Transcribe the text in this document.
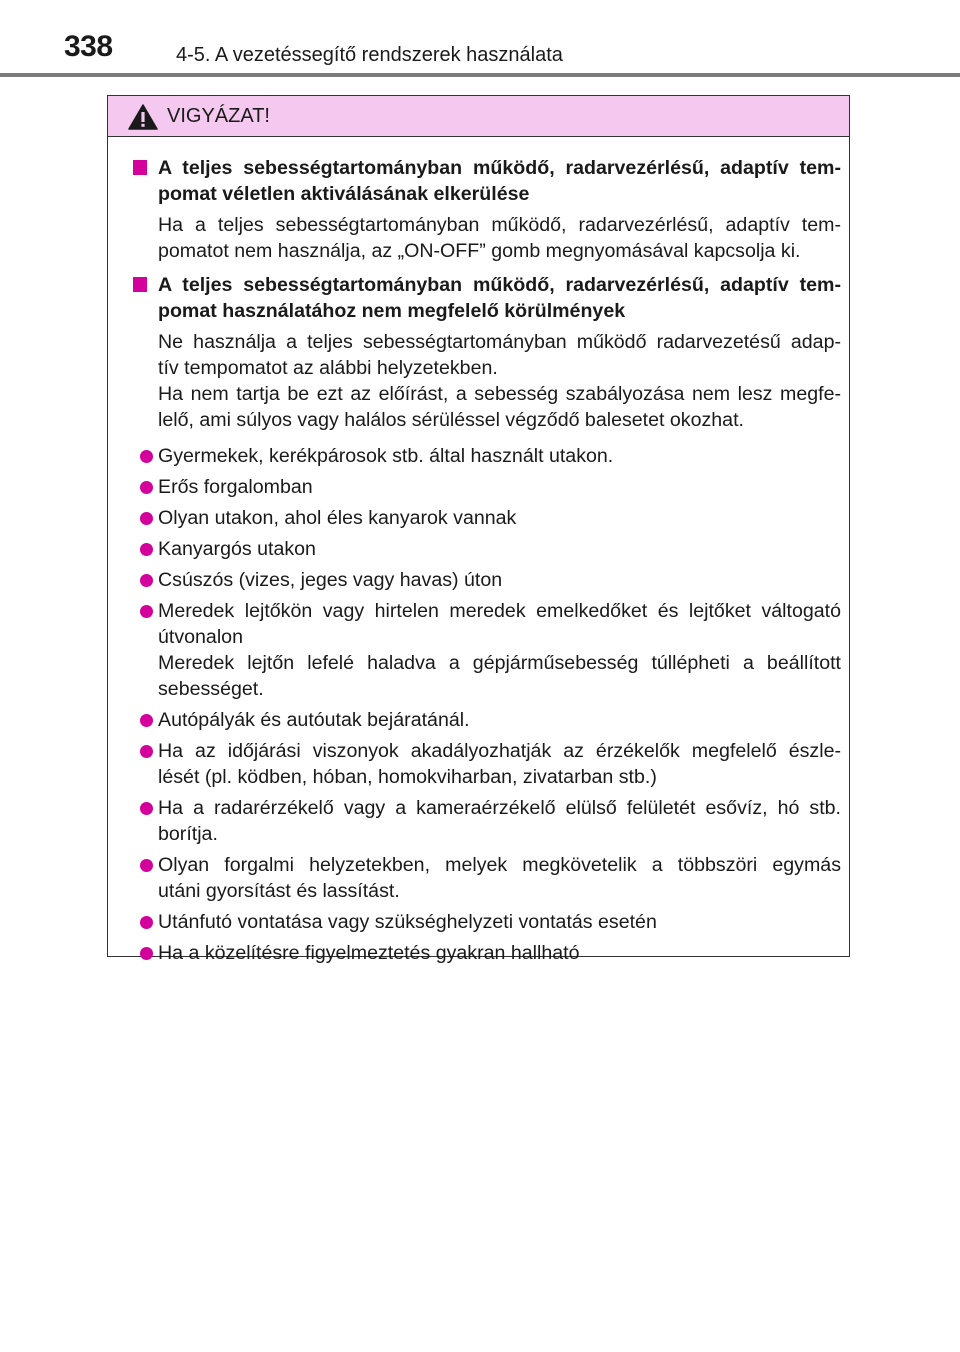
338	4-5. A vezetéssegítő rendszerek használata
VIGYÁZAT!
A teljes sebességtartományban működő, radarvezérlésű, adaptív tem-
pomat véletlen aktiválásának elkerülése
Ha a teljes sebességtartományban működő, radarvezérlésű, adaptív tem-
pomatot nem használja, az „ON-OFF” gomb megnyomásával kapcsolja ki.
A teljes sebességtartományban működő, radarvezérlésű, adaptív tem-
pomat használatához nem megfelelő körülmények
Ne használja a teljes sebességtartományban működő radarvezetésű adap-
tív tempomatot az alábbi helyzetekben.
Ha nem tartja be ezt az előírást, a sebesség szabályozása nem lesz megfe-
lelő, ami súlyos vagy halálos sérüléssel végződő balesetet okozhat.
Gyermekek, kerékpárosok stb. által használt utakon.
Erős forgalomban
Olyan utakon, ahol éles kanyarok vannak
Kanyargós utakon
Csúszós (vizes, jeges vagy havas) úton
Meredek lejtőkön vagy hirtelen meredek emelkedőket és lejtőket váltogató
útvonalon
Meredek lejtőn lefelé haladva a gépjárműsebesség túllépheti a beállított
sebességet.
Autópályák és autóutak bejáratánál.
Ha az időjárási viszonyok akadályozhatják az érzékelők megfelelő észle-
lését (pl. ködben, hóban, homokviharban, zivatarban stb.)
Ha a radarérzékelő vagy a kameraérzékelő elülső felületét esővíz, hó stb.
borítja.
Olyan forgalmi helyzetekben, melyek megkövetelik a többszöri egymás
utáni gyorsítást és lassítást.
Utánfutó vontatása vagy szükséghelyzeti vontatás esetén
Ha a közelítésre figyelmeztetés gyakran hallható
